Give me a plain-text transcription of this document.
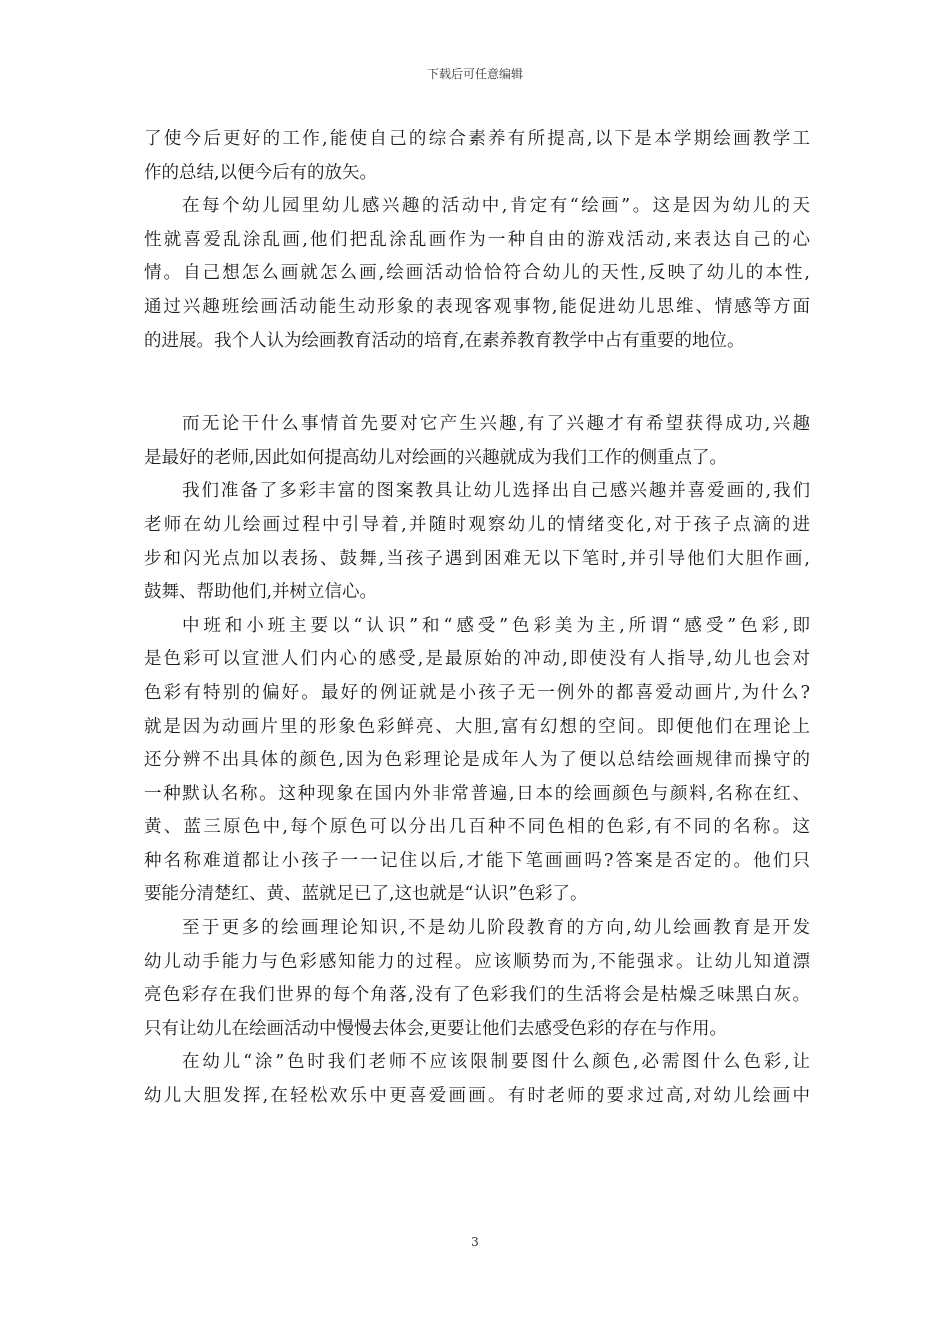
下载后可任意编辑
了使今后更好的工作,能使自己的综合素养有所提高,以下是本学期绘画教学工
作的总结,以便今后有的放矢。
在每个幼儿园里幼儿感兴趣的活动中,肯定有“绘画”。这是因为幼儿的天
性就喜爱乱涂乱画,他们把乱涂乱画作为一种自由的游戏活动,来表达自己的心
情。自己想怎么画就怎么画,绘画活动恰恰符合幼儿的天性,反映了幼儿的本性,
通过兴趣班绘画活动能生动形象的表现客观事物,能促进幼儿思维、情感等方面
的进展。我个人认为绘画教育活动的培育,在素养教育教学中占有重要的地位。
而无论干什么事情首先要对它产生兴趣,有了兴趣才有希望获得成功,兴趣
是最好的老师,因此如何提高幼儿对绘画的兴趣就成为我们工作的侧重点了。
我们准备了多彩丰富的图案教具让幼儿选择出自己感兴趣并喜爱画的,我们
老师在幼儿绘画过程中引导着,并随时观察幼儿的情绪变化,对于孩子点滴的进
步和闪光点加以表扬、鼓舞,当孩子遇到困难无以下笔时,并引导他们大胆作画,
鼓舞、帮助他们,并树立信心。
中班和小班主要以“认识”和“感受”色彩美为主,所谓“感受”色彩,即
是色彩可以宣泄人们内心的感受,是最原始的冲动,即使没有人指导,幼儿也会对
色彩有特别的偏好。最好的例证就是小孩子无一例外的都喜爱动画片,为什么?
就是因为动画片里的形象色彩鲜亮、大胆,富有幻想的空间。即便他们在理论上
还分辨不出具体的颜色,因为色彩理论是成年人为了便以总结绘画规律而操守的
一种默认名称。这种现象在国内外非常普遍,日本的绘画颜色与颜料,名称在红、
黄、蓝三原色中,每个原色可以分出几百种不同色相的色彩,有不同的名称。这
种名称难道都让小孩子一一记住以后,才能下笔画画吗?答案是否定的。他们只
要能分清楚红、黄、蓝就足已了,这也就是“认识”色彩了。
至于更多的绘画理论知识,不是幼儿阶段教育的方向,幼儿绘画教育是开发
幼儿动手能力与色彩感知能力的过程。应该顺势而为,不能强求。让幼儿知道漂
亮色彩存在我们世界的每个角落,没有了色彩我们的生活将会是枯燥乏味黑白灰。
只有让幼儿在绘画活动中慢慢去体会,更要让他们去感受色彩的存在与作用。
在幼儿“涂”色时我们老师不应该限制要图什么颜色,必需图什么色彩,让
幼儿大胆发挥,在轻松欢乐中更喜爱画画。有时老师的要求过高,对幼儿绘画中
3
